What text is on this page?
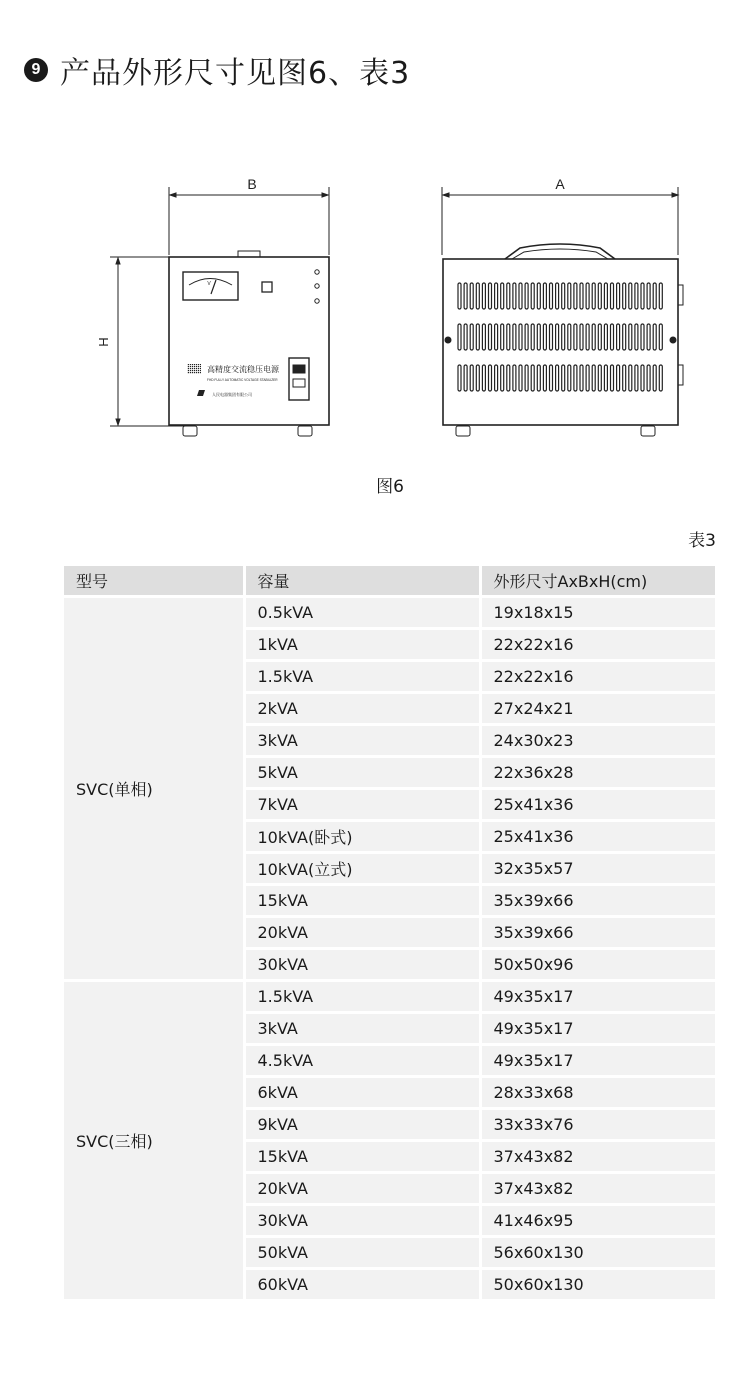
9 产品外形尺寸见图6、表3
B	A
H
V
高精度交流稳压电源
FHD FULLY AUTOMATIC VOLTAGE STABILIZER
人民电器集团有限公司
图6
表3
型号	容量	外形尺寸AxBxH(cm)
SVC(单相)	0.5kVA	19x18x15
	1kVA	22x22x16
	1.5kVA	22x22x16
	2kVA	27x24x21
	3kVA	24x30x23
	5kVA	22x36x28
	7kVA	25x41x36
	10kVA(卧式)	25x41x36
	10kVA(立式)	32x35x57
	15kVA	35x39x66
	20kVA	35x39x66
	30kVA	50x50x96
SVC(三相)	1.5kVA	49x35x17
	3kVA	49x35x17
	4.5kVA	49x35x17
	6kVA	28x33x68
	9kVA	33x33x76
	15kVA	37x43x82
	20kVA	37x43x82
	30kVA	41x46x95
	50kVA	56x60x130
	60kVA	50x60x130
